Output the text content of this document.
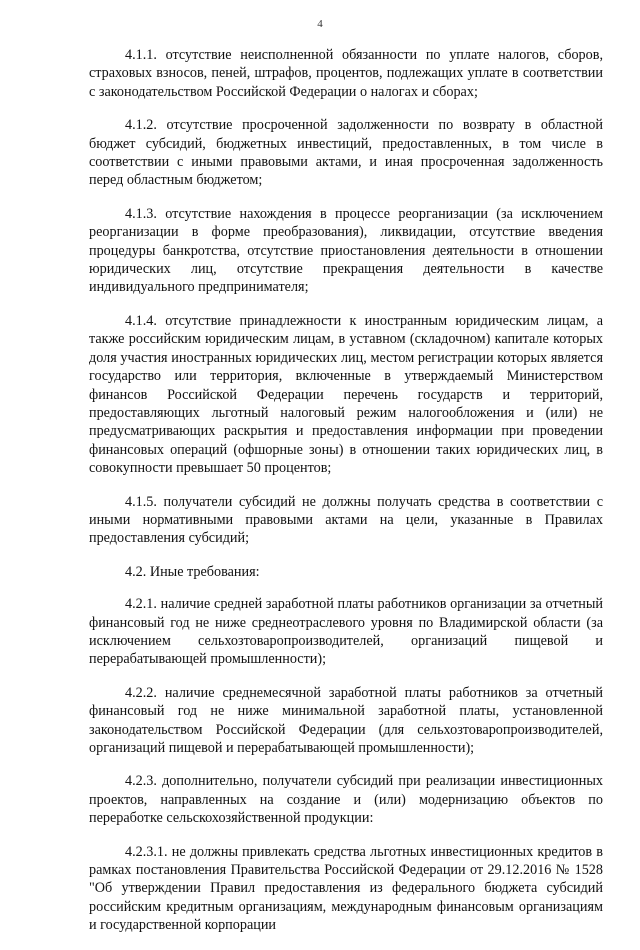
4

4.1.1. отсутствие неисполненной обязанности по уплате налогов, сборов, страховых взносов, пеней, штрафов, процентов, подлежащих уплате в соответствии с законодательством Российской Федерации о налогах и сборах;

4.1.2. отсутствие просроченной задолженности по возврату в областной бюджет субсидий, бюджетных инвестиций, предоставленных, в том числе в соответствии с иными правовыми актами, и иная просроченная задолженность перед областным бюджетом;

4.1.3. отсутствие нахождения в процессе реорганизации (за исключением реорганизации в форме преобразования), ликвидации, отсутствие введения процедуры банкротства, отсутствие приостановления деятельности в отношении юридических лиц, отсутствие прекращения деятельности в качестве индивидуального предпринимателя;

4.1.4. отсутствие принадлежности к иностранным юридическим лицам, а также российским юридическим лицам, в уставном (складочном) капитале которых доля участия иностранных юридических лиц, местом регистрации которых является государство или территория, включенные в утверждаемый Министерством финансов Российской Федерации перечень государств и территорий, предоставляющих льготный налоговый режим налогообложения и (или) не предусматривающих раскрытия и предоставления информации при проведении финансовых операций (офшорные зоны) в отношении таких юридических лиц, в совокупности превышает 50 процентов;

4.1.5. получатели субсидий не должны получать средства в соответствии с иными нормативными правовыми актами на цели, указанные в Правилах предоставления субсидий;

4.2. Иные требования:

4.2.1. наличие средней заработной платы работников организации за отчетный финансовый год не ниже среднеотраслевого уровня по Владимирской области (за исключением сельхозтоваропроизводителей, организаций пищевой и перерабатывающей промышленности);

4.2.2. наличие среднемесячной заработной платы работников за отчетный финансовый год не ниже минимальной заработной платы, установленной законодательством Российской Федерации (для сельхозтоваропроизводителей, организаций пищевой и перерабатывающей промышленности);

4.2.3. дополнительно, получатели субсидий при реализации инвестиционных проектов, направленных на создание и (или) модернизацию объектов по переработке сельскохозяйственной продукции:

4.2.3.1. не должны привлекать средства льготных инвестиционных кредитов в рамках постановления Правительства Российской Федерации от 29.12.2016 № 1528 "Об утверждении Правил предоставления из федерального бюджета субсидий российским кредитным организациям, международным финансовым организациям и государственной корпорации
